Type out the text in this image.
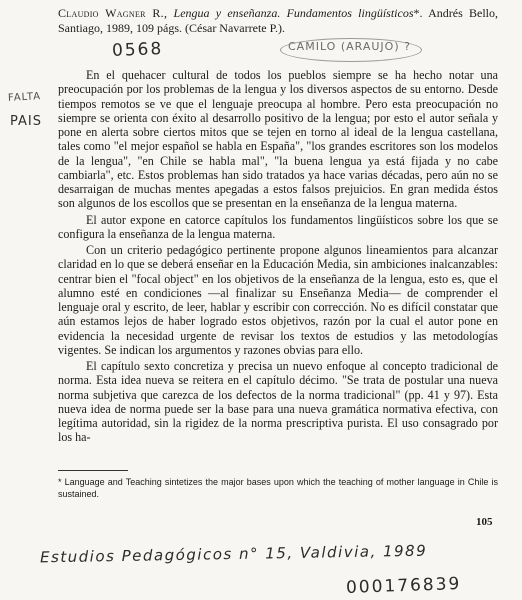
Claudio Wagner R., Lengua y enseñanza. Fundamentos lingüísticos*. Andrés Bello, Santiago, 1989, 109 págs. (César Navarrete P.).
0568	CAMILO (ARAUJO) ?
FALTA
PAIS

En el quehacer cultural de todos los pueblos siempre se ha hecho notar una preocupación por los problemas de la lengua y los diversos aspectos de su entorno. Desde tiempos remotos se ve que el lenguaje preocupa al hombre. Pero esta preocupación no siempre se orienta con éxito al desarrollo positivo de la lengua; por esto el autor señala y pone en alerta sobre ciertos mitos que se tejen en torno al ideal de la lengua castellana, tales como "el mejor español se habla en España", "los grandes escritores son los modelos de la lengua", "en Chile se habla mal", "la buena lengua ya está fijada y no cabe cambiarla", etc. Estos problemas han sido tratados ya hace varias décadas, pero aún no se desarraigan de muchas mentes apegadas a estos falsos prejuicios. En gran medida éstos son algunos de los escollos que se presentan en la enseñanza de la lengua materna.

El autor expone en catorce capítulos los fundamentos lingüísticos sobre los que se configura la enseñanza de la lengua materna.

Con un criterio pedagógico pertinente propone algunos lineamientos para alcanzar claridad en lo que se deberá enseñar en la Educación Media, sin ambiciones inalcanzables: centrar bien el "focal object" en los objetivos de la enseñanza de la lengua, esto es, que el alumno esté en condiciones —al finalizar su Enseñanza Media— de comprender el lenguaje oral y escrito, de leer, hablar y escribir con corrección. No es difícil constatar que aún estamos lejos de haber logrado estos objetivos, razón por la cual el autor pone en evidencia la necesidad urgente de revisar los textos de estudios y las metodologías vigentes. Se indican los argumentos y razones obvias para ello.

El capítulo sexto concretiza y precisa un nuevo enfoque al concepto tradicional de norma. Esta idea nueva se reitera en el capítulo décimo. "Se trata de postular una nueva norma subjetiva que carezca de los defectos de la norma tradicional" (pp. 41 y 97). Esta nueva idea de norma puede ser la base para una nueva gramática normativa efectiva, con legítima autoridad, sin la rigidez de la norma prescriptiva purista. El uso consagrado por los ha-

* Language and Teaching sintetizes the major bases upon which the teaching of mother language in Chile is sustained.
105
Estudios Pedagógicos n° 15, Valdivia, 1989
000176839
